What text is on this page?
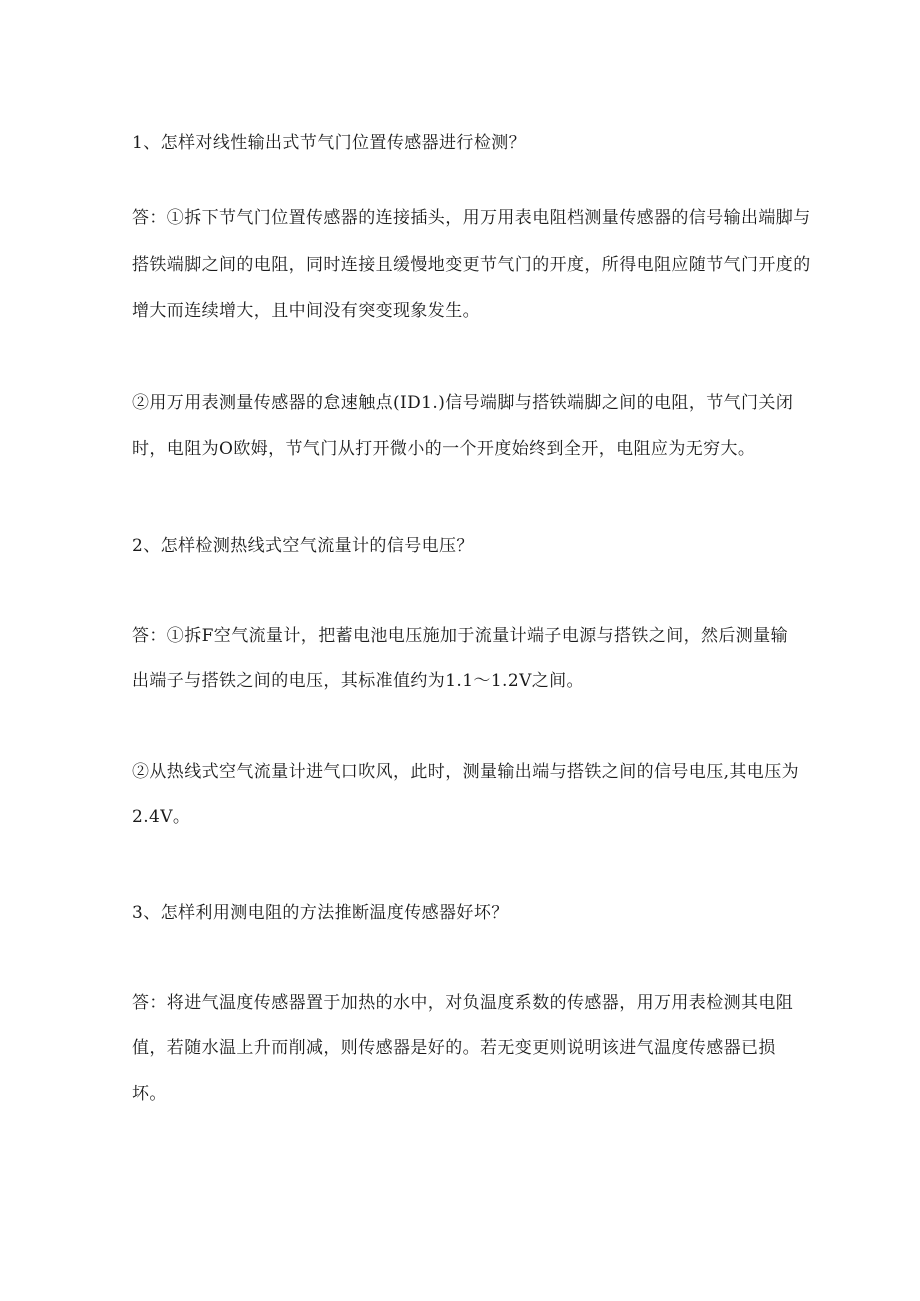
1、怎样对线性输出式节气门位置传感器进行检测？
答：①拆下节气门位置传感器的连接插头，用万用表电阻档测量传感器的信号输出端脚与
搭铁端脚之间的电阻，同时连接且缓慢地变更节气门的开度，所得电阻应随节气门开度的
增大而连续增大，且中间没有突变现象发生。
②用万用表测量传感器的怠速触点(ID1.)信号端脚与搭铁端脚之间的电阻，节气门关闭
时，电阻为O欧姆，节气门从打开微小的一个开度始终到全开，电阻应为无穷大。
2、怎样检测热线式空气流量计的信号电压？
答：①拆F空气流量计，把蓄电池电压施加于流量计端子电源与搭铁之间，然后测量输
出端子与搭铁之间的电压，其标准值约为1.1～1.2V之间。
②从热线式空气流量计进气口吹风，此时，测量输出端与搭铁之间的信号电压,其电压为
2.4V。
3、怎样利用测电阻的方法推断温度传感器好坏？
答：将进气温度传感器置于加热的水中，对负温度系数的传感器，用万用表检测其电阻
值，若随水温上升而削减，则传感器是好的。若无变更则说明该进气温度传感器已损
坏。
